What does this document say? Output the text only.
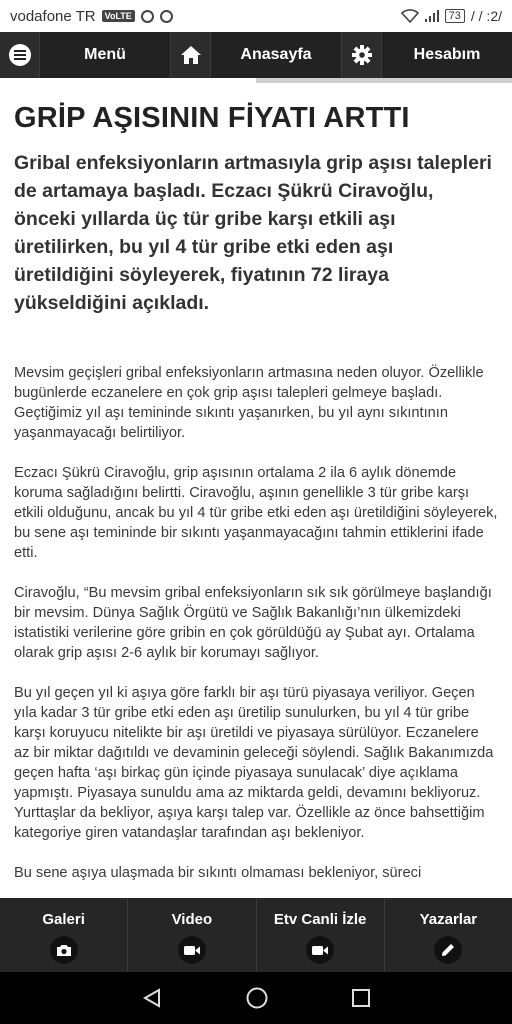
vodafone TR	VoLTE	73 / / :2/
Menü	Anasayfa	Hesabım
GRİP AŞISININ FİYATI ARTTI
Gribal enfeksiyonların artmasıyla grip aşısı talepleri de artamaya başladı. Eczacı Şükrü Ciravoğlu, önceki yıllarda üç tür gribe karşı etkili aşı üretilirken, bu yıl 4 tür gribe etki eden aşı üretildiğini söyleyerek, fiyatının 72 liraya yükseldiğini açıkladı.

Mevsim geçişleri gribal enfeksiyonların artmasına neden oluyor. Özellikle bugünlerde eczanelere en çok grip aşısı talepleri gelmeye başladı. Geçtiğimiz yıl aşı temininde sıkıntı yaşanırken, bu yıl aynı sıkıntının yaşanmayacağı belirtiliyor.

Eczacı Şükrü Ciravoğlu, grip aşısının ortalama 2 ila 6 aylık dönemde koruma sağladığını belirtti. Ciravoğlu, aşının genellikle 3 tür gribe karşı etkili olduğunu, ancak bu yıl 4 tür gribe etki eden aşı üretildiğini söyleyerek, bu sene aşı temininde bir sıkıntı yaşanmayacağını tahmin ettiklerini ifade etti.

Ciravoğlu, “Bu mevsim gribal enfeksiyonların sık sık görülmeye başlandığı bir mevsim. Dünya Sağlık Örgütü ve Sağlık Bakanlığı’nın ülkemizdeki istatistiki verilerine göre gribin en çok görüldüğü ay Şubat ayı. Ortalama olarak grip aşısı 2-6 aylık bir korumayı sağlıyor.

Bu yıl geçen yıl ki aşıya göre farklı bir aşı türü piyasaya veriliyor. Geçen yıla kadar 3 tür gribe etki eden aşı üretilip sunulurken, bu yıl 4 tür gribe karşı koruyucu nitelikte bir aşı üretildi ve piyasaya sürülüyor. Eczanelere az bir miktar dağıtıldı ve devaminin geleceği söylendi. Sağlık Bakanımızda geçen hafta ‘aşı birkaç gün içinde piyasaya sunulacak’ diye açıklama yapmıştı. Piyasaya sunuldu ama az miktarda geldi, devamını bekliyoruz. Yurttaşlar da bekliyor, aşıya karşı talep var. Özellikle az önce bahsettiğim kategoriye giren vatandaşlar tarafından aşı bekleniyor.

Bu sene aşıya ulaşmada bir sıkıntı olmaması bekleniyor, süreci

Galeri	Video	Etv Canli İzle	Yazarlar
